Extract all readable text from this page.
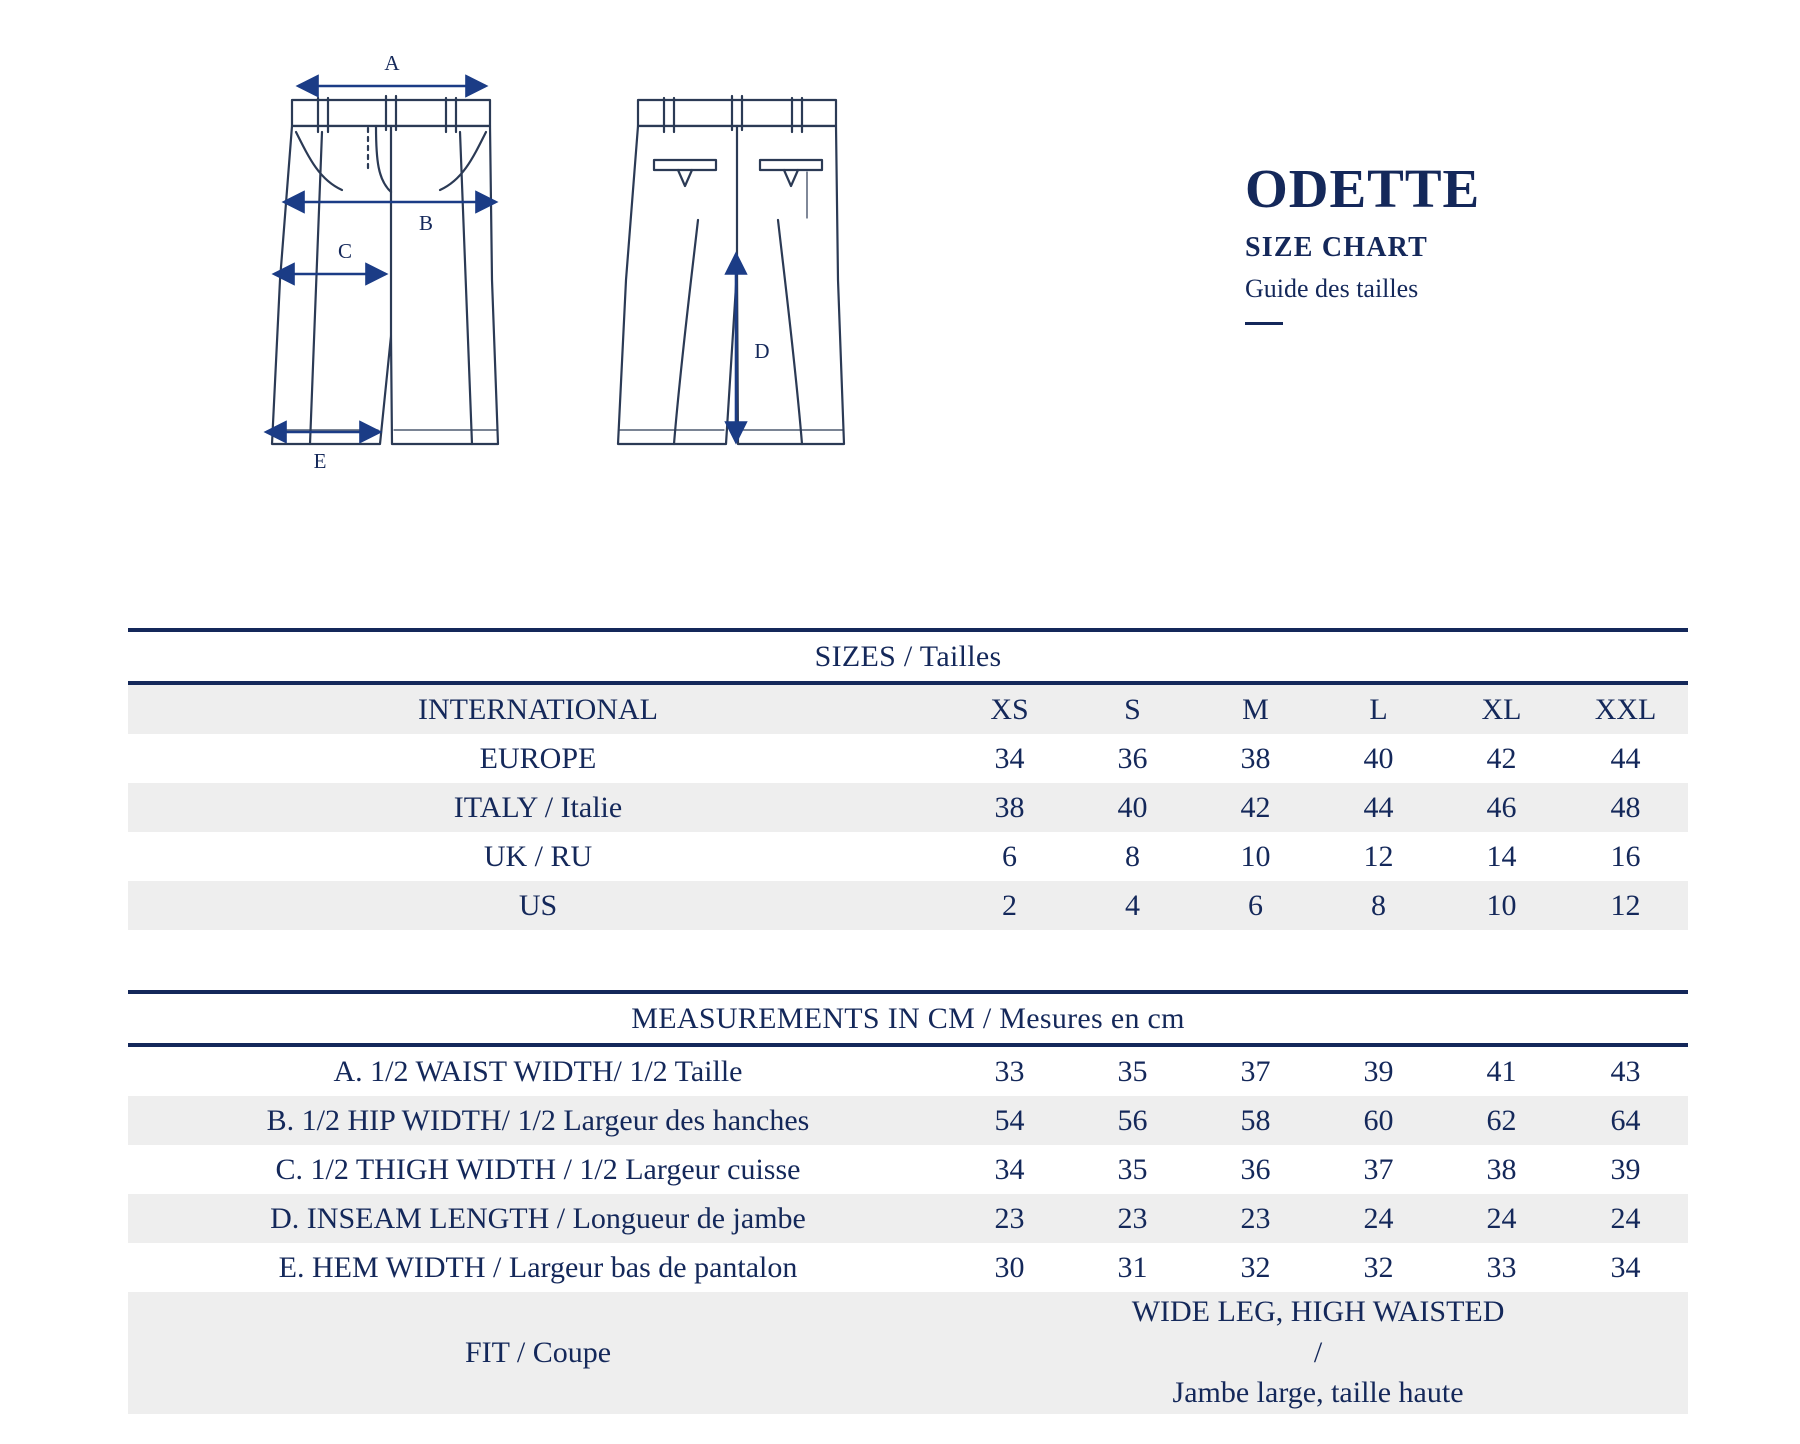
A
B
C
D
E
ODETTE
SIZE CHART
Guide des tailles
SIZES / Tailles						
INTERNATIONAL	XS	S	M	L	XL	XXL
EUROPE	34	36	38	40	42	44
ITALY / Italie	38	40	42	44	46	48
UK / RU	6	8	10	12	14	16
US	2	4	6	8	10	12
MEASUREMENTS IN CM / Mesures en cm						
A. 1/2 WAIST WIDTH/ 1/2 Taille	33	35	37	39	41	43
B. 1/2 HIP WIDTH/ 1/2 Largeur des hanches	54	56	58	60	62	64
C. 1/2 THIGH WIDTH / 1/2 Largeur cuisse	34	35	36	37	38	39
D. INSEAM LENGTH / Longueur de jambe	23	23	23	24	24	24
E. HEM WIDTH / Largeur bas de pantalon	30	31	32	32	33	34
FIT / Coupe	WIDE LEG, HIGH WAISTED
/
Jambe large, taille haute					
